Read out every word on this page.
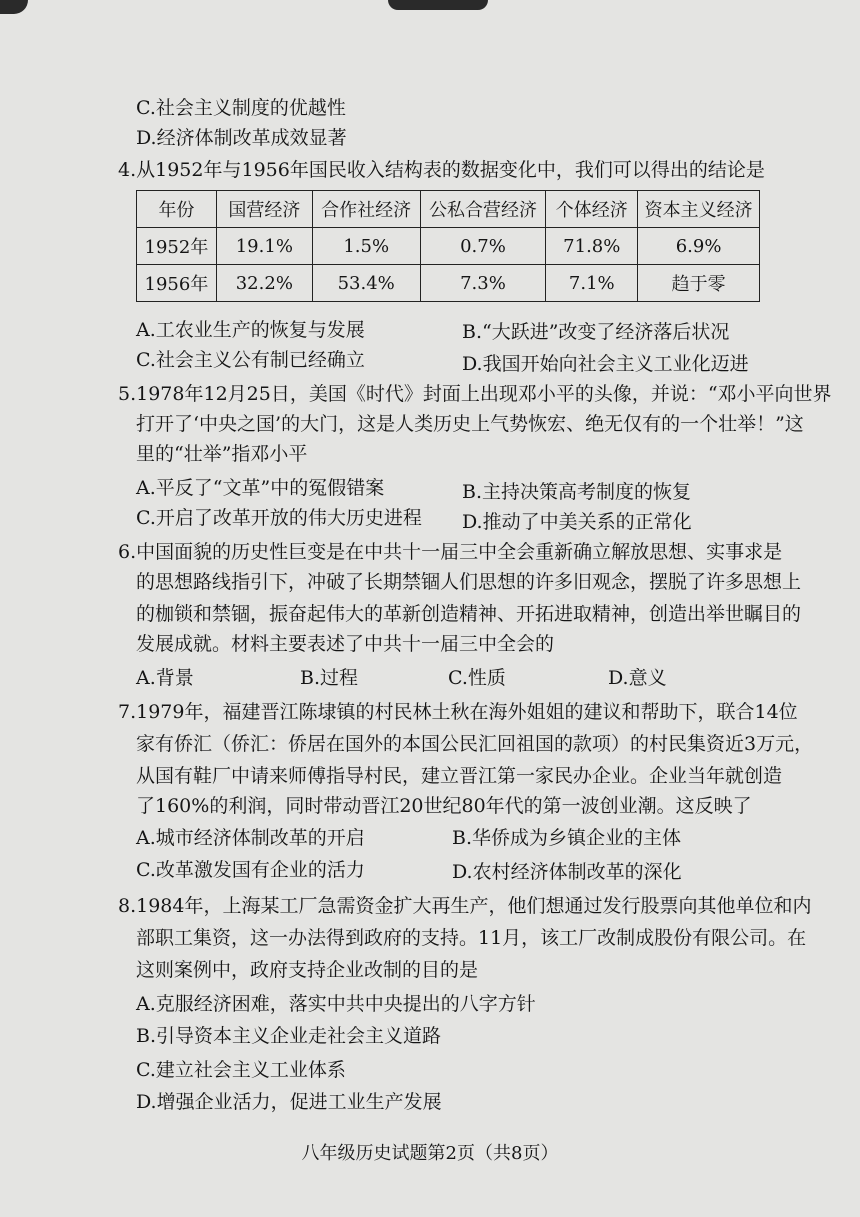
C.社会主义制度的优越性
D.经济体制改革成效显著
4.从1952年与1956年国民收入结构表的数据变化中，我们可以得出的结论是
年份	国营经济	合作社经济	公私合营经济	个体经济	资本主义经济
1952年	19.1%	1.5%	0.7%	71.8%	6.9%
1956年	32.2%	53.4%	7.3%	7.1%	趋于零
A.工农业生产的恢复与发展	B.“大跃进”改变了经济落后状况
C.社会主义公有制已经确立	D.我国开始向社会主义工业化迈进
5.1978年12月25日，美国《时代》封面上出现邓小平的头像，并说：“邓小平向世界
打开了‘中央之国’的大门，这是人类历史上气势恢宏、绝无仅有的一个壮举！”这
里的“壮举”指邓小平
A.平反了“文革”中的冤假错案	B.主持决策高考制度的恢复
C.开启了改革开放的伟大历史进程 D.推动了中美关系的正常化
6.中国面貌的历史性巨变是在中共十一届三中全会重新确立解放思想、实事求是
的思想路线指引下，冲破了长期禁锢人们思想的许多旧观念，摆脱了许多思想上
的枷锁和禁锢，振奋起伟大的革新创造精神、开拓进取精神，创造出举世瞩目的
发展成就。材料主要表述了中共十一届三中全会的
A.背景	B.过程	C.性质	D.意义
7.1979年，福建晋江陈埭镇的村民林土秋在海外姐姐的建议和帮助下，联合14位
家有侨汇（侨汇：侨居在国外的本国公民汇回祖国的款项）的村民集资近3万元，
从国有鞋厂中请来师傅指导村民，建立晋江第一家民办企业。企业当年就创造
了160%的利润，同时带动晋江20世纪80年代的第一波创业潮。这反映了
A.城市经济体制改革的开启	B.华侨成为乡镇企业的主体
C.改革激发国有企业的活力	D.农村经济体制改革的深化
8.1984年，上海某工厂急需资金扩大再生产，他们想通过发行股票向其他单位和内
部职工集资，这一办法得到政府的支持。11月，该工厂改制成股份有限公司。在
这则案例中，政府支持企业改制的目的是
A.克服经济困难，落实中共中央提出的八字方针
B.引导资本主义企业走社会主义道路
C.建立社会主义工业体系
D.增强企业活力，促进工业生产发展
八年级历史试题第2页（共8页）
